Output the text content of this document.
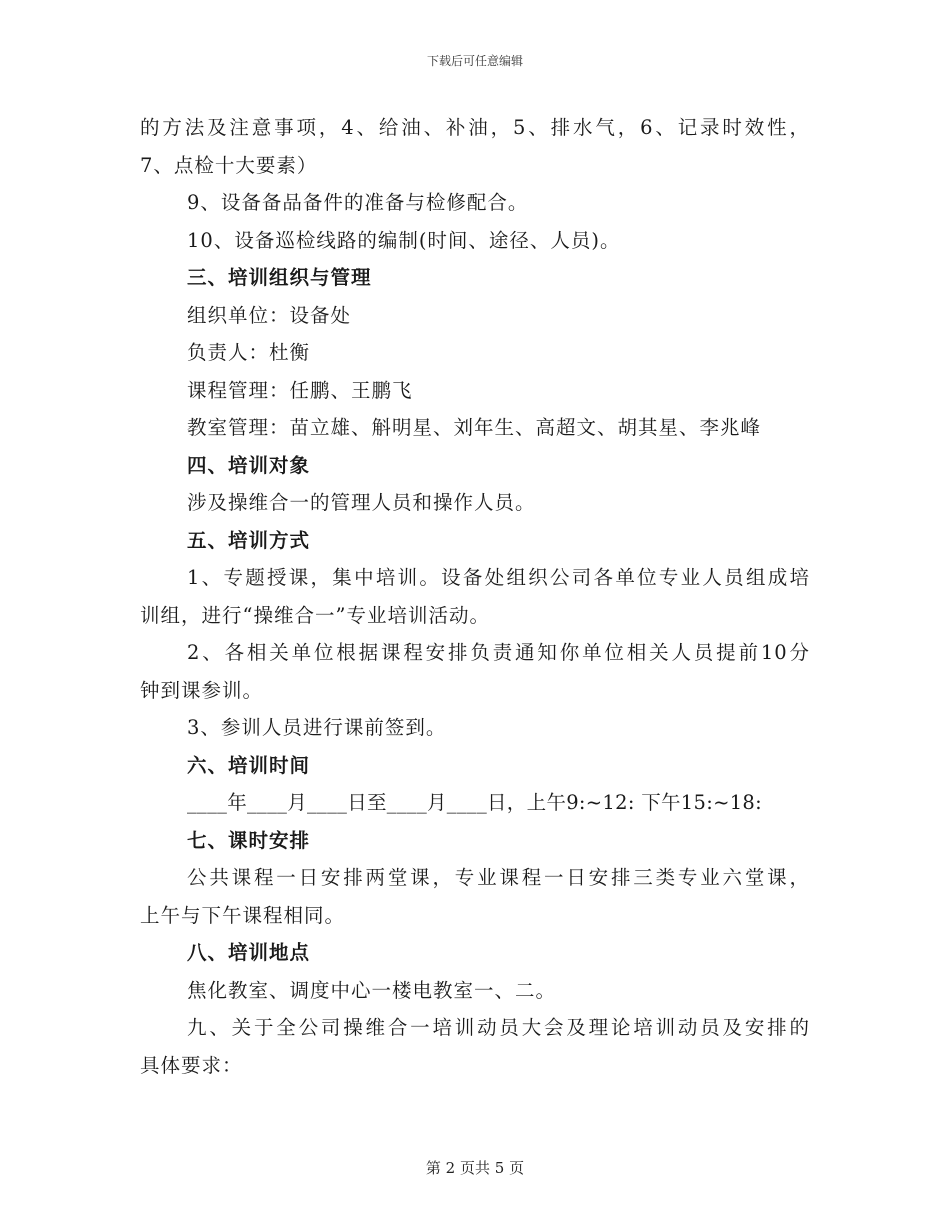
下载后可任意编辑
的方法及注意事项，4、给油、补油，5、排水气，6、记录时效性，
7、点检十大要素）
9、设备备品备件的准备与检修配合。
10、设备巡检线路的编制(时间、途径、人员)。
三、培训组织与管理
组织单位：设备处
负责人：杜衡
课程管理：任鹏、王鹏飞
教室管理：苗立雄、斛明星、刘年生、高超文、胡其星、李兆峰
四、培训对象
涉及操维合一的管理人员和操作人员。
五、培训方式
1、专题授课，集中培训。设备处组织公司各单位专业人员组成培
训组，进行“操维合一”专业培训活动。
2、各相关单位根据课程安排负责通知你单位相关人员提前10分
钟到课参训。
3、参训人员进行课前签到。
六、培训时间
____年____月____日至____月____日，上午9:~12: 下午15:~18:
七、课时安排
公共课程一日安排两堂课，专业课程一日安排三类专业六堂课，
上午与下午课程相同。
八、培训地点
焦化教室、调度中心一楼电教室一、二。
九、关于全公司操维合一培训动员大会及理论培训动员及安排的
具体要求：
第 2 页共 5 页
